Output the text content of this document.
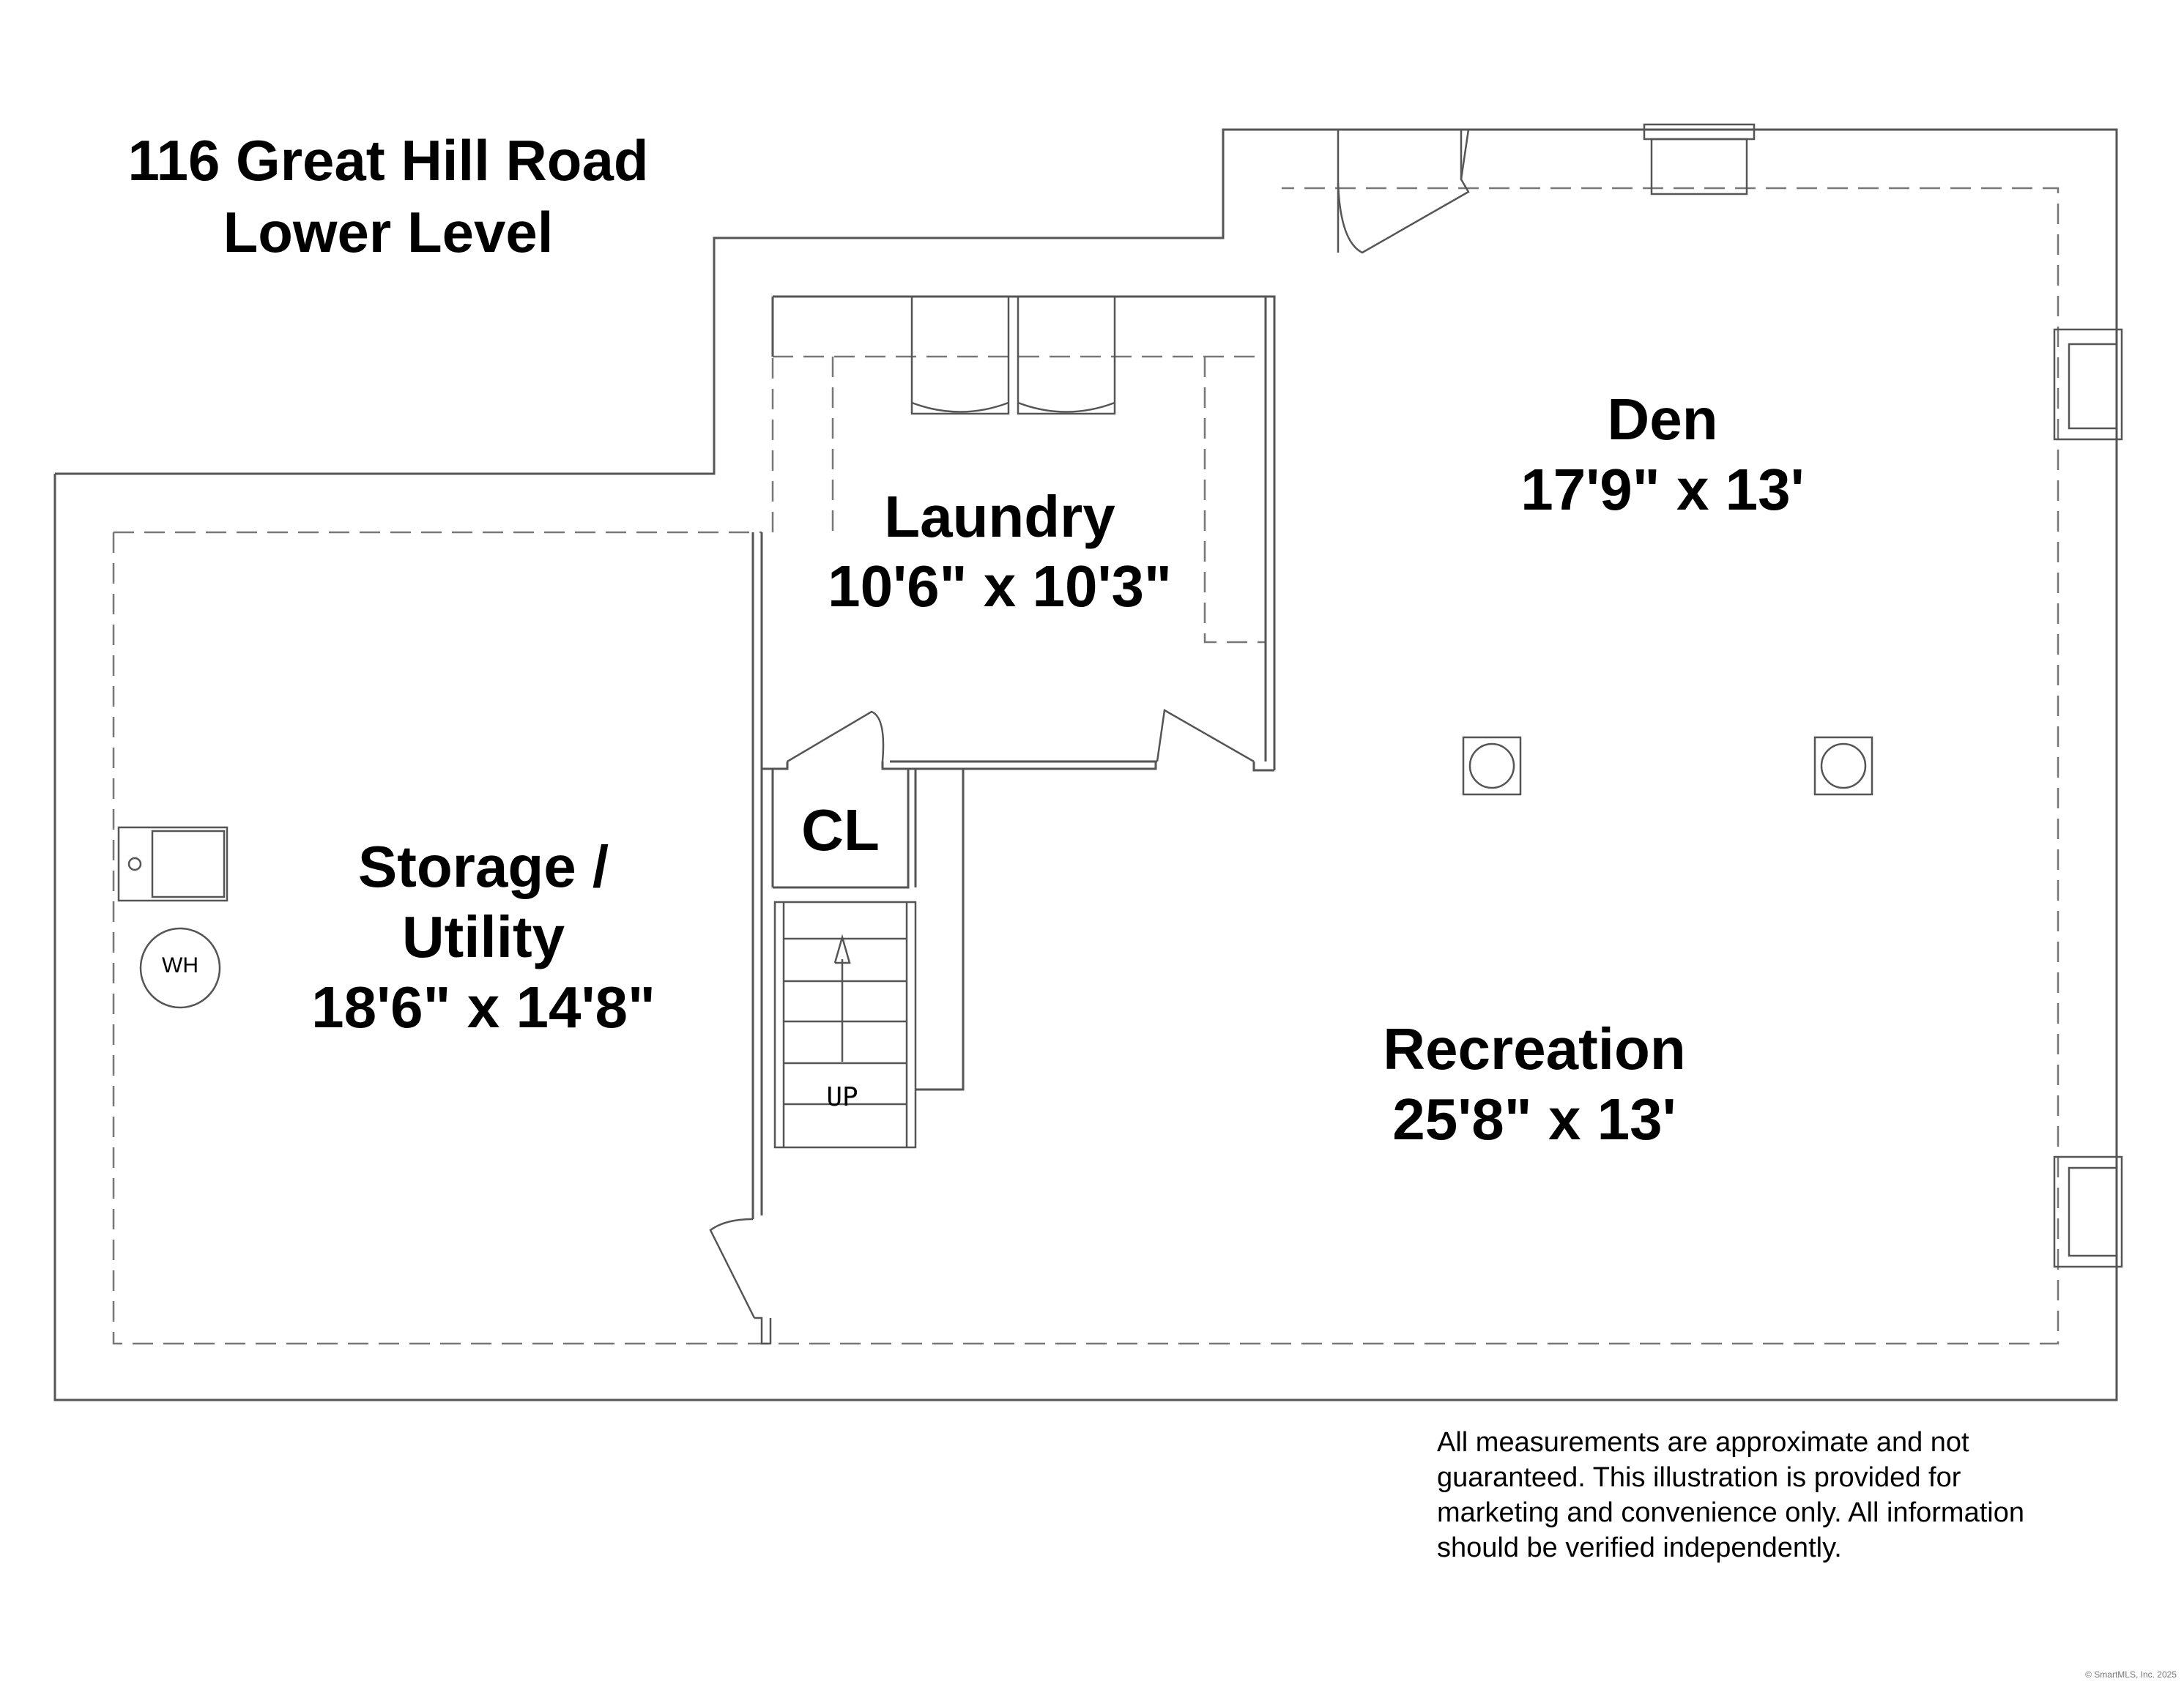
116 Great Hill Road
Lower Level
Den
17'9" x 13'
Laundry
10'6" x 10'3"
CL
Storage /
Utility
18'6" x 14'8"
Recreation
25'8" x 13'
WH
UP
All measurements are approximate and not
guaranteed. This illustration is provided for
marketing and convenience only. All information
should be verified independently.
© SmartMLS, Inc. 2025
